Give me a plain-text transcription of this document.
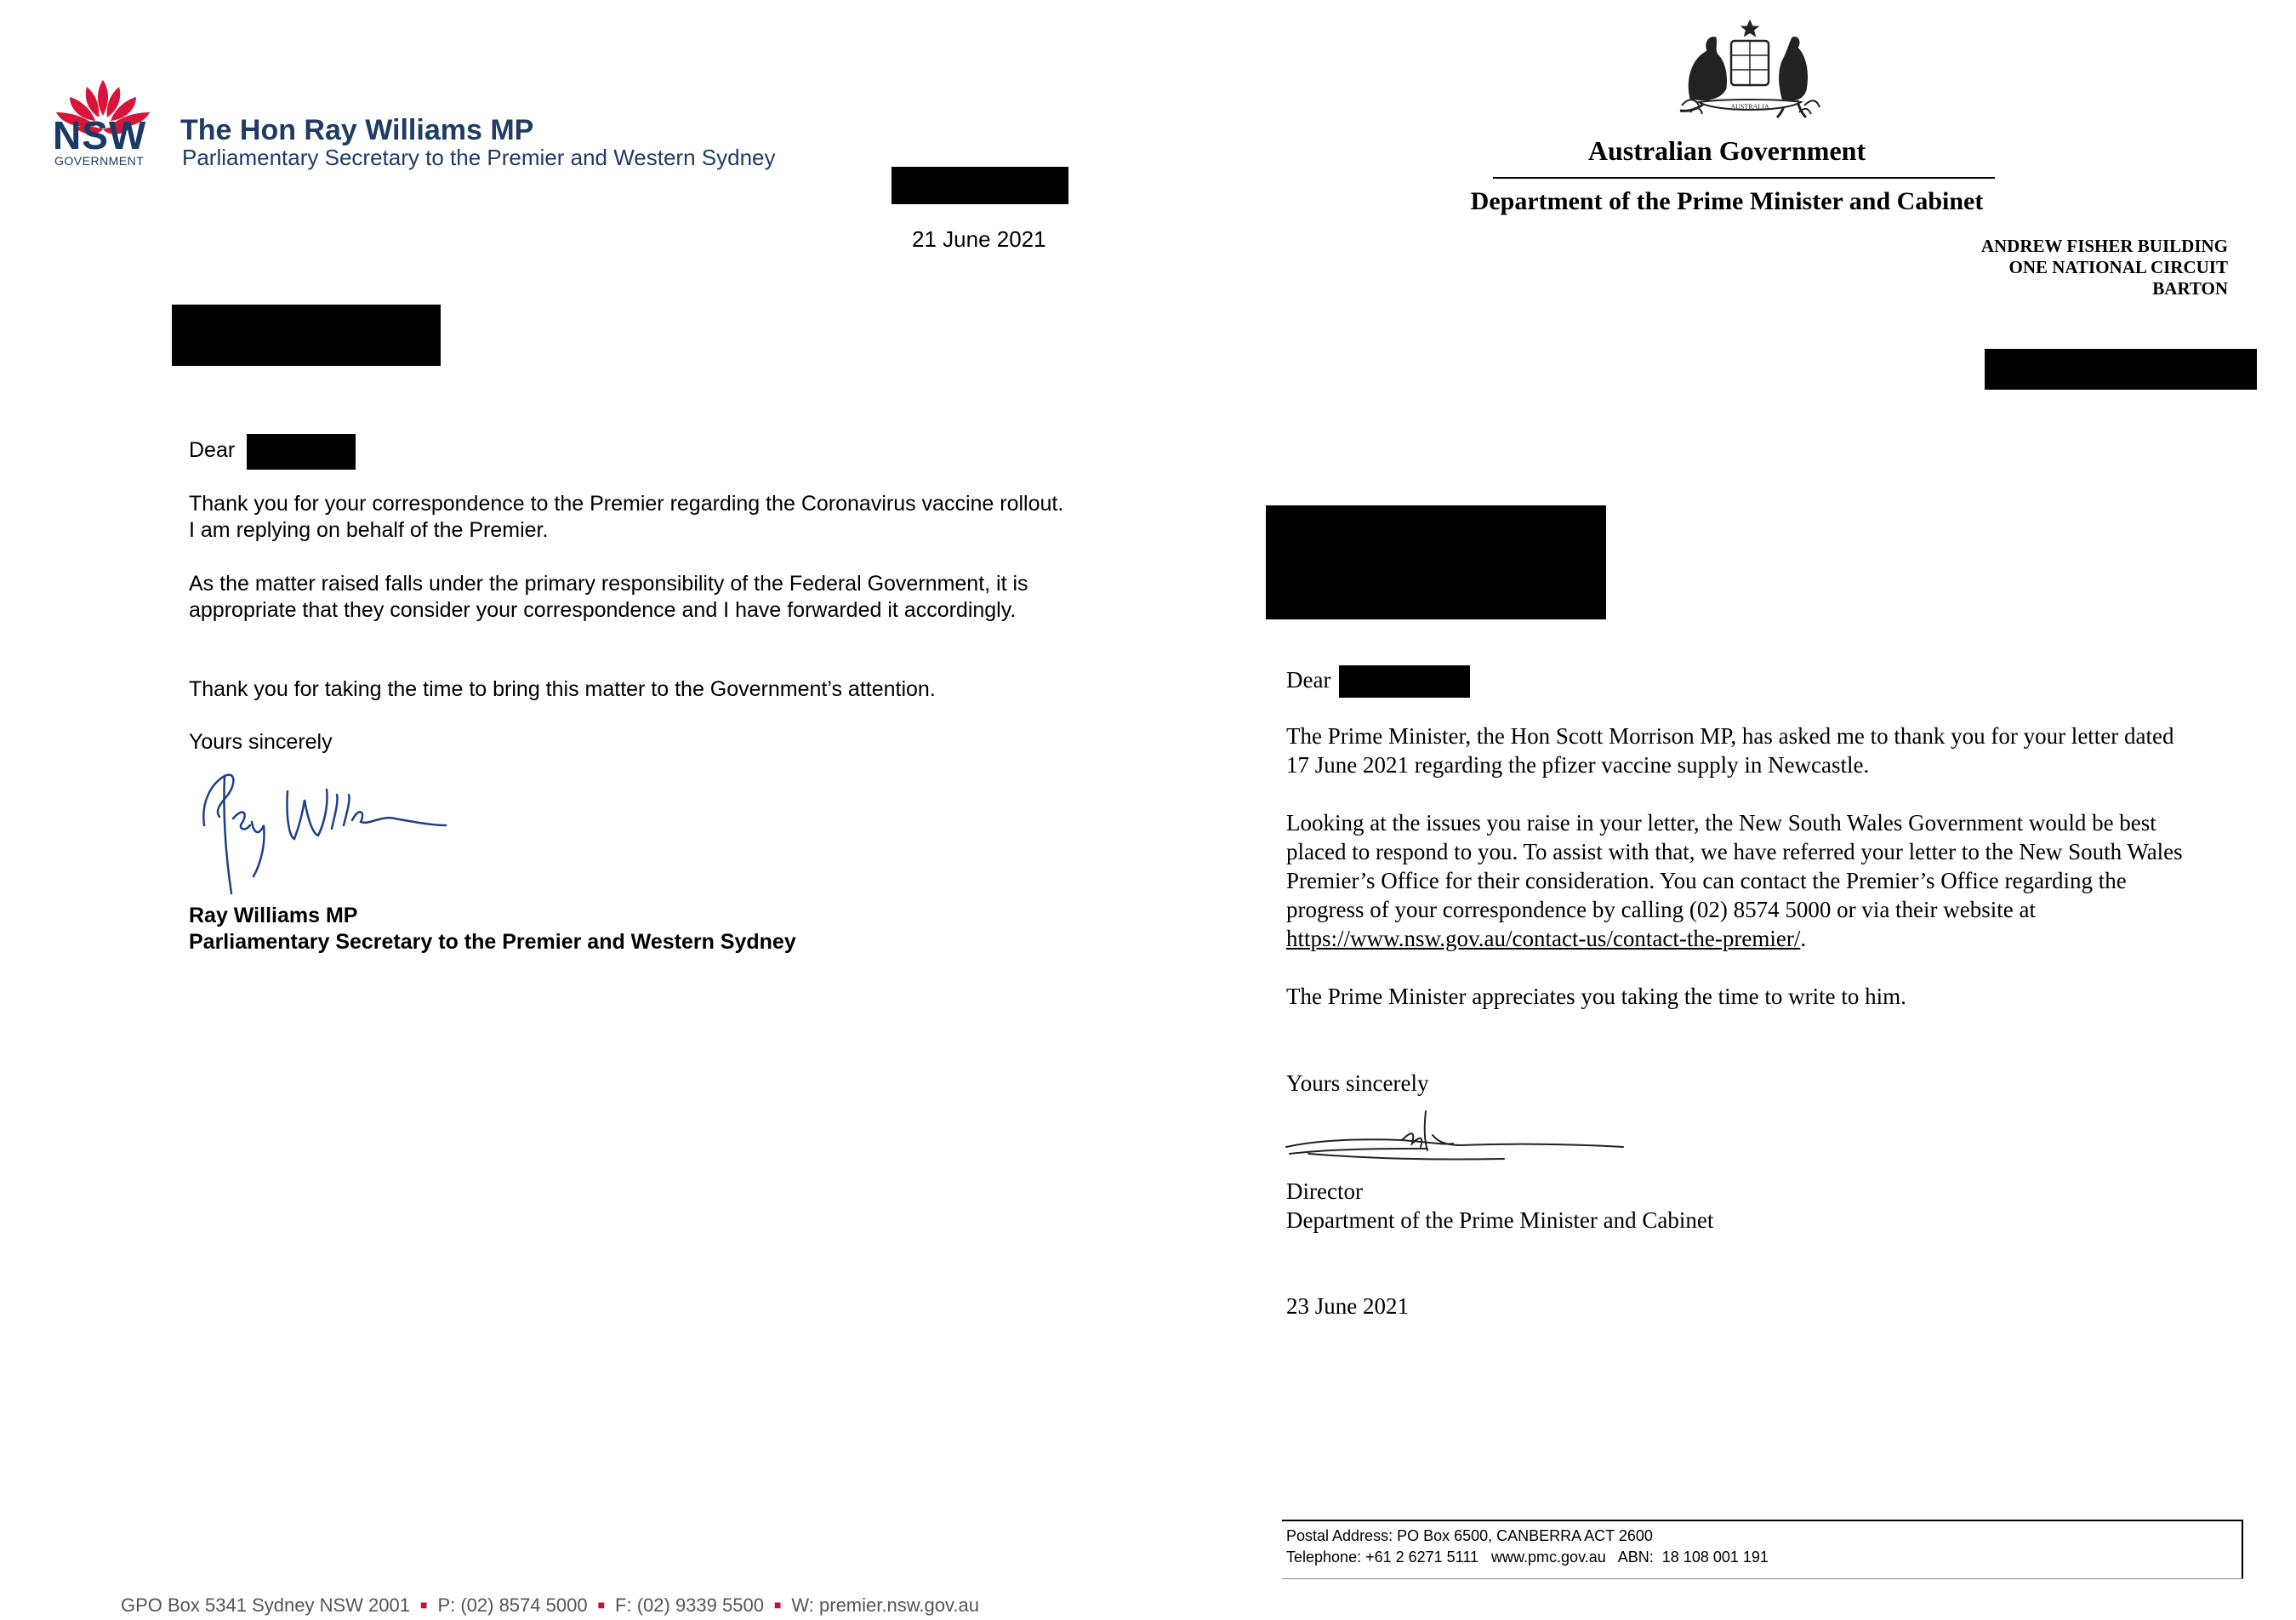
NSW
GOVERNMENT
The Hon Ray Williams MP
Parliamentary Secretary to the Premier and Western Sydney
21 June 2021
Dear
Thank you for your correspondence to the Premier regarding the Coronavirus vaccine rollout. I am replying on behalf of the Premier.
As the matter raised falls under the primary responsibility of the Federal Government, it is appropriate that they consider your correspondence and I have forwarded it accordingly.
Thank you for taking the time to bring this matter to the Government’s attention.
Yours sincerely
Ray Williams MP
Parliamentary Secretary to the Premier and Western Sydney
GPO Box 5341 Sydney NSW 2001 ■ P: (02) 8574 5000 ■ F: (02) 9339 5500 ■ W: premier.nsw.gov.au
AUSTRALIA
Australian Government
Department of the Prime Minister and Cabinet
ANDREW FISHER BUILDING
ONE NATIONAL CIRCUIT
BARTON
Dear
The Prime Minister, the Hon Scott Morrison MP, has asked me to thank you for your letter dated 17 June 2021 regarding the pfizer vaccine supply in Newcastle.
Looking at the issues you raise in your letter, the New South Wales Government would be best placed to respond to you. To assist with that, we have referred your letter to the New South Wales Premier’s Office for their consideration. You can contact the Premier’s Office regarding the progress of your correspondence by calling (02) 8574 5000 or via their website at https://www.nsw.gov.au/contact-us/contact-the-premier/.
The Prime Minister appreciates you taking the time to write to him.
Yours sincerely
Director
Department of the Prime Minister and Cabinet
23 June 2021
Postal Address: PO Box 6500, CANBERRA ACT 2600
Telephone: +61 2 6271 5111   www.pmc.gov.au   ABN:  18 108 001 191
